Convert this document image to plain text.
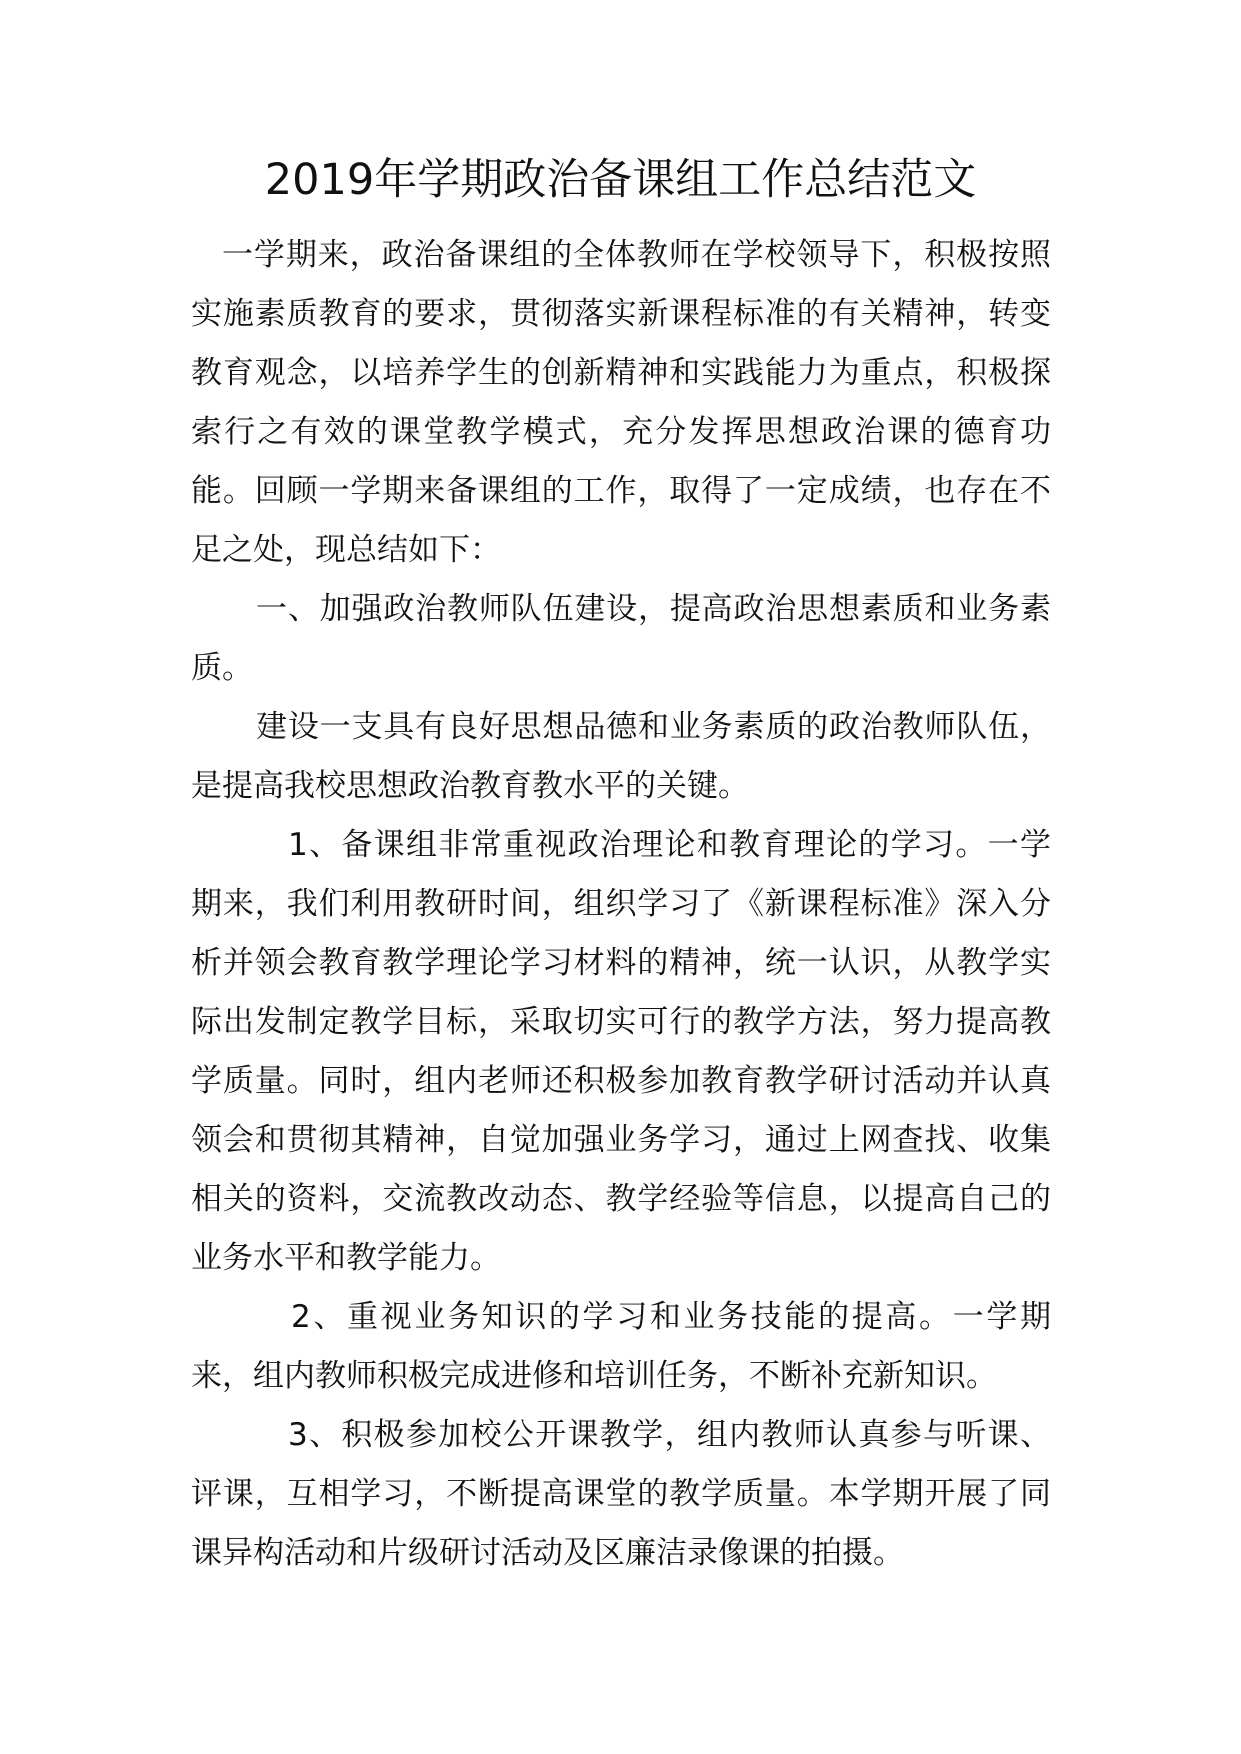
2019年学期政治备课组工作总结范文

一学期来，政治备课组的全体教师在学校领导下，积极按照实施素质教育的要求，贯彻落实新课程标准的有关精神，转变教育观念，以培养学生的创新精神和实践能力为重点，积极探索行之有效的课堂教学模式，充分发挥思想政治课的德育功能。回顾一学期来备课组的工作，取得了一定成绩，也存在不足之处，现总结如下：

一、加强政治教师队伍建设，提高政治思想素质和业务素质。

建设一支具有良好思想品德和业务素质的政治教师队伍，是提高我校思想政治教育教水平的关键。

1、备课组非常重视政治理论和教育理论的学习。一学期来，我们利用教研时间，组织学习了《新课程标准》深入分析并领会教育教学理论学习材料的精神，统一认识，从教学实际出发制定教学目标，采取切实可行的教学方法，努力提高教学质量。同时，组内老师还积极参加教育教学研讨活动并认真领会和贯彻其精神，自觉加强业务学习，通过上网查找、收集相关的资料，交流教改动态、教学经验等信息，以提高自己的业务水平和教学能力。

2、重视业务知识的学习和业务技能的提高。一学期来，组内教师积极完成进修和培训任务，不断补充新知识。

3、积极参加校公开课教学，组内教师认真参与听课、评课，互相学习，不断提高课堂的教学质量。本学期开展了同课异构活动和片级研讨活动及区廉洁录像课的拍摄。
